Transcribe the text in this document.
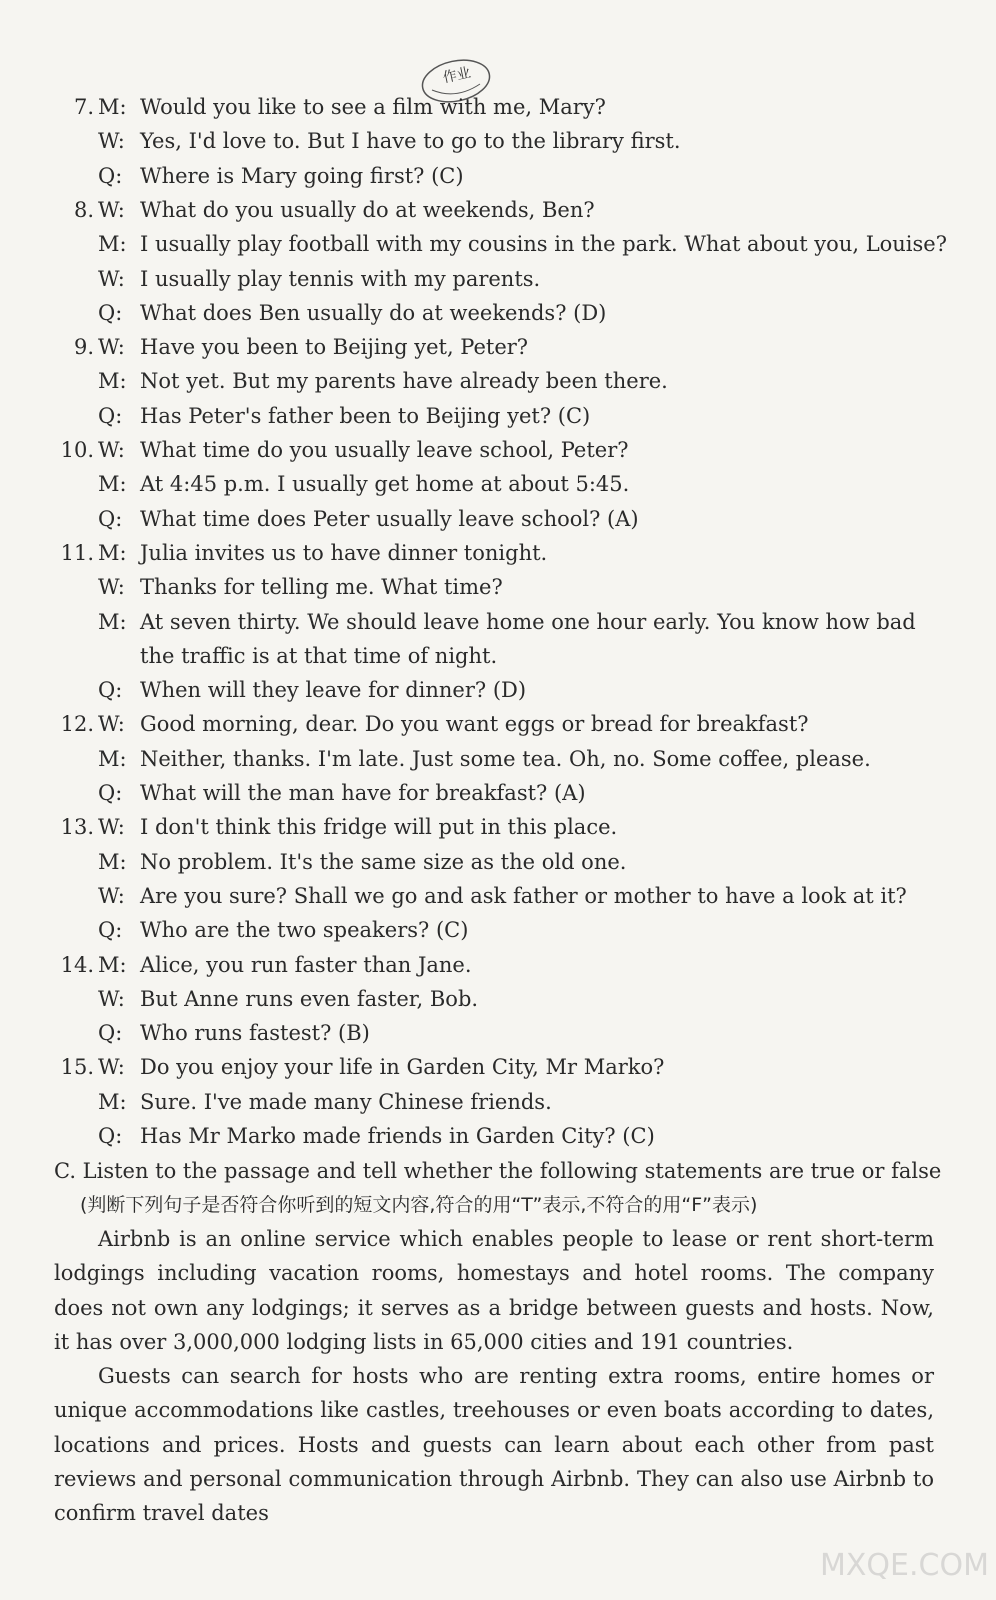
作业
7. M: Would you like to see a film with me, Mary?
W: Yes, I'd love to. But I have to go to the library first.
Q: Where is Mary going first? (C)
8. W: What do you usually do at weekends, Ben?
M: I usually play football with my cousins in the park. What about you, Louise?
W: I usually play tennis with my parents.
Q: What does Ben usually do at weekends? (D)
9. W: Have you been to Beijing yet, Peter?
M: Not yet. But my parents have already been there.
Q: Has Peter's father been to Beijing yet? (C)
10. W: What time do you usually leave school, Peter?
M: At 4:45 p.m. I usually get home at about 5:45.
Q: What time does Peter usually leave school? (A)
11. M: Julia invites us to have dinner tonight.
W: Thanks for telling me. What time?
M: At seven thirty. We should leave home one hour early. You know how bad
the traffic is at that time of night.
Q: When will they leave for dinner? (D)
12. W: Good morning, dear. Do you want eggs or bread for breakfast?
M: Neither, thanks. I'm late. Just some tea. Oh, no. Some coffee, please.
Q: What will the man have for breakfast? (A)
13. W: I don't think this fridge will put in this place.
M: No problem. It's the same size as the old one.
W: Are you sure? Shall we go and ask father or mother to have a look at it?
Q: Who are the two speakers? (C)
14. M: Alice, you run faster than Jane.
W: But Anne runs even faster, Bob.
Q: Who runs fastest? (B)
15. W: Do you enjoy your life in Garden City, Mr Marko?
M: Sure. I've made many Chinese friends.
Q: Has Mr Marko made friends in Garden City? (C)
C. Listen to the passage and tell whether the following statements are true or false
(判断下列句子是否符合你听到的短文内容,符合的用“T”表示,不符合的用“F”表示)

Airbnb is an online service which enables people to lease or rent short-term lodgings including vacation rooms, homestays and hotel rooms. The company does not own any lodgings; it serves as a bridge between guests and hosts. Now, it has over 3,000,000 lodging lists in 65,000 cities and 191 countries.

Guests can search for hosts who are renting extra rooms, entire homes or unique accommodations like castles, treehouses or even boats according to dates, locations and prices. Hosts and guests can learn about each other from past reviews and personal communication through Airbnb. They can also use Airbnb to confirm travel dates

MXQE.COM
